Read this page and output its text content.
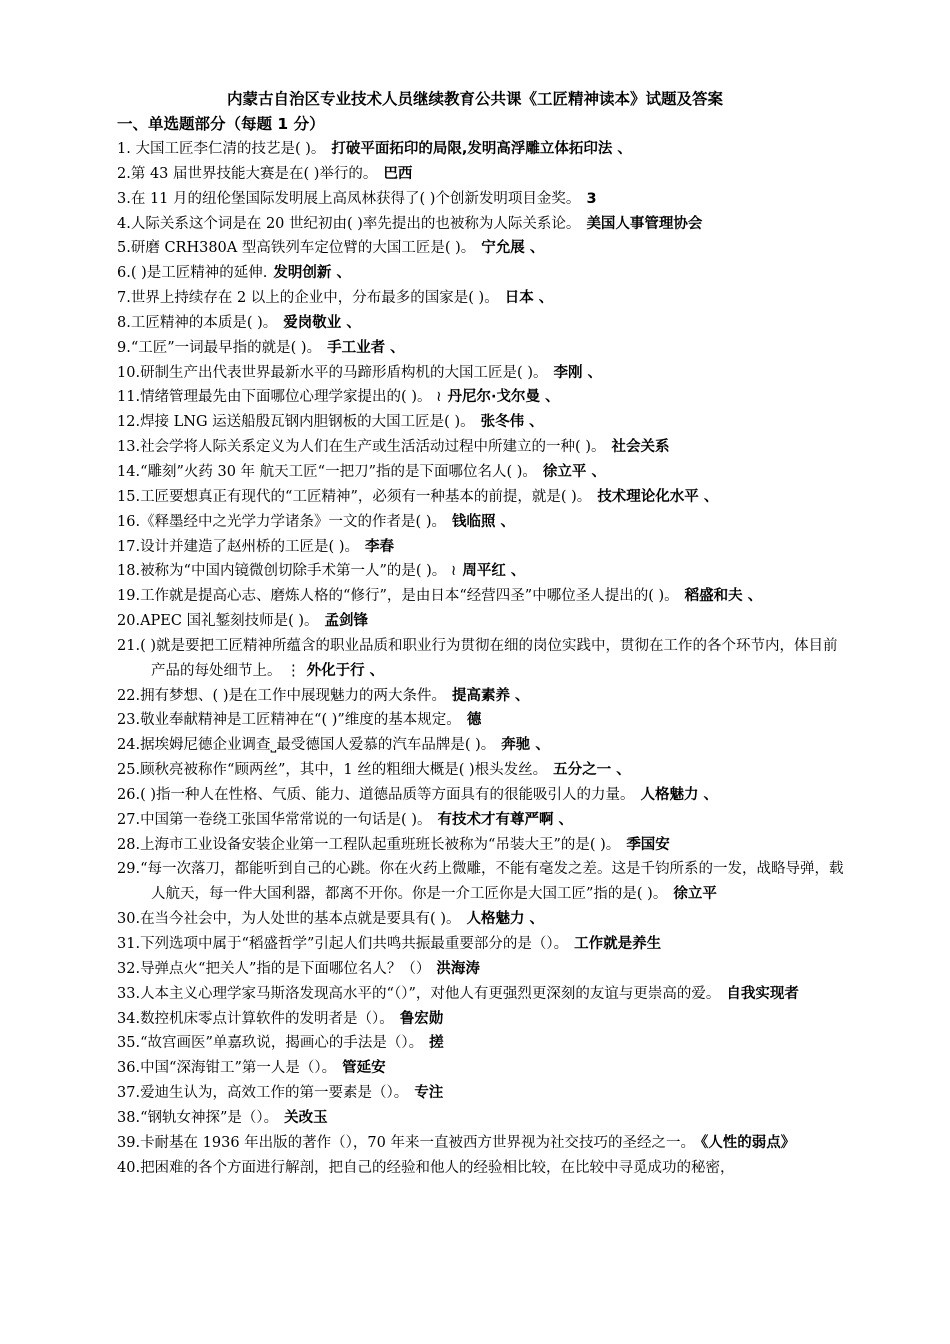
内蒙古自治区专业技术人员继续教育公共课《工匠精神读本》试题及答案
一、单选题部分（每题 1 分）

1. 大国工匠李仁清的技艺是( )。 打破平面拓印的局限,发明高浮雕立体拓印法 、

2.第 43 届世界技能大赛是在( )举行的。 巴西

3.在 11 月的纽伦堡国际发明展上高凤林获得了( )个创新发明项目金奖。 3

4.人际关系这个词是在 20 世纪初由( )率先提出的也被称为人际关系论。 美国人事管理协会

5.研磨 CRH380A 型高铁列车定位臂的大国工匠是( )。 宁允展 、

6.( )是工匠精神的延伸. 发明创新 、

7.世界上持续存在 2 以上的企业中，分布最多的国家是( )。 日本 、

8.工匠精神的本质是( )。 爱岗敬业 、

9.“工匠”一词最早指的就是( )。 手工业者 、

10.研制生产出代表世界最新水平的马蹄形盾构机的大国工匠是( )。 李刚 、

11.情绪管理最先由下面哪位心理学家提出的( )。 ≀ 丹尼尔·戈尔曼 、

12.焊接 LNG 运送船殷瓦钢内胆钢板的大国工匠是( )。 张冬伟 、

13.社会学将人际关系定义为人们在生产或生活活动过程中所建立的一种( )。 社会关系

14.“雕刻”火药 30 年 航天工匠“一把刀”指的是下面哪位名人( )。 徐立平 、

15.工匠要想真正有现代的“工匠精神”，必须有一种基本的前提，就是( )。 技术理论化水平 、

16.《释墨经中之光学力学诸条》一文的作者是( )。 钱临照 、

17.设计并建造了赵州桥的工匠是( )。 李春

18.被称为“中国内镜微创切除手术第一人”的是( )。 ≀ 周平红 、

19.工作就是提高心志、磨炼人格的“修行”，是由日本“经营四圣”中哪位圣人提出的( )。 稻盛和夫 、

20.APEC 国礼錾刻技师是( )。 孟剑锋

21.( )就是要把工匠精神所蕴含的职业品质和职业行为贯彻在细的岗位实践中，贯彻在工作的各个环节内，体目前产品的每处细节上。 ⋮ 外化于行 、

22.拥有梦想、( )是在工作中展现魅力的两大条件。 提高素养 、

23.敬业奉献精神是工匠精神在“( )”维度的基本规定。 德

24.据埃姆尼德企业调查⎵最受德国人爱慕的汽车品牌是( )。 奔驰 、

25.顾秋亮被称作“顾两丝”，其中，1 丝的粗细大概是( )根头发丝。 五分之一 、

26.( )指一种人在性格、气质、能力、道德品质等方面具有的很能吸引人的力量。 人格魅力 、

27.中国第一卷绕工张国华常常说的一句话是( )。 有技术才有尊严啊 、

28.上海市工业设备安装企业第一工程队起重班班长被称为“吊装大王”的是( )。 季国安

29.“每一次落刀，都能听到自己的心跳。你在火药上微雕，不能有毫发之差。这是千钧所系的一发，战略导弹，载人航天，每一件大国利器，都离不开你。你是一介工匠你是大国工匠”指的是( )。 徐立平

30.在当今社会中，为人处世的基本点就是要具有( )。 人格魅力 、

31.下列选项中属于“稻盛哲学”引起人们共鸣共振最重要部分的是（）。 工作就是养生

32.导弹点火“把关人”指的是下面哪位名人？（） 洪海涛

33.人本主义心理学家马斯洛发现高水平的“（）”，对他人有更强烈更深刻的友谊与更崇高的爱。 自我实现者

34.数控机床零点计算软件的发明者是（）。 鲁宏勋

35.“故宫画医”单嘉玖说，揭画心的手法是（）。 搓

36.中国“深海钳工”第一人是（）。 管延安

37.爱迪生认为，高效工作的第一要素是（）。 专注

38.“钢轨女神探”是（）。 关改玉

39.卡耐基在 1936 年出版的著作（），70 年来一直被西方世界视为社交技巧的圣经之一。 《人性的弱点》

40.把困难的各个方面进行解剖，把自己的经验和他人的经验相比较，在比较中寻觅成功的秘密，
